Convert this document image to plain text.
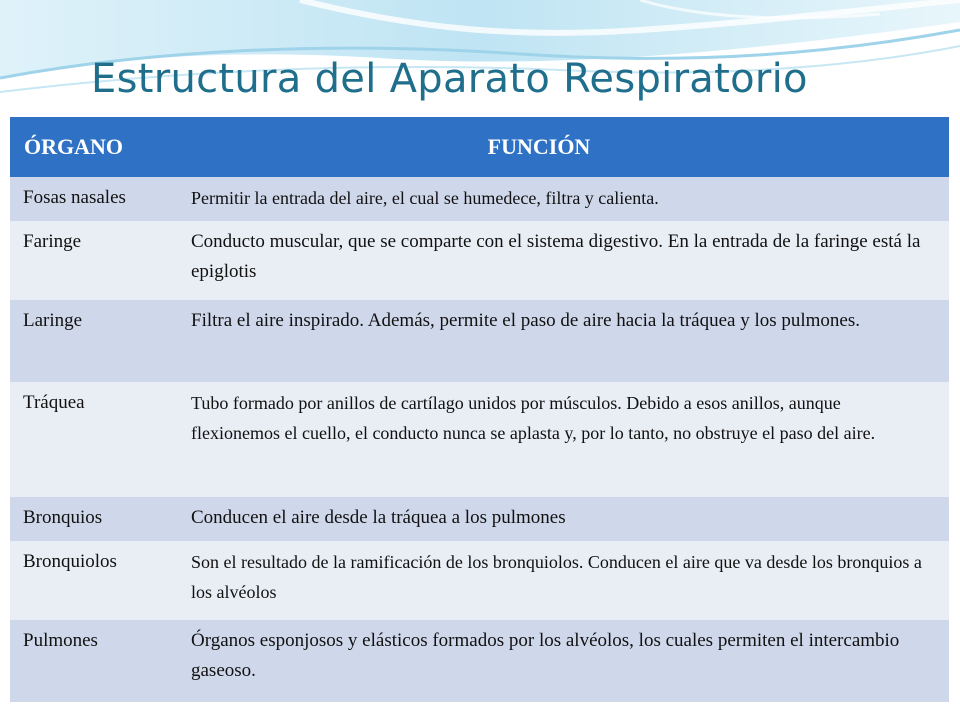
Estructura del Aparato Respiratorio
ÓRGANO	FUNCIÓN
Fosas nasales	Permitir la entrada del aire, el cual se humedece, filtra y calienta.
Faringe	Conducto muscular, que se comparte con el sistema digestivo. En la entrada de la faringe está la epiglotis
Laringe	Filtra el aire inspirado. Además, permite el paso de aire hacia la tráquea y los pulmones.
Tráquea	Tubo formado por anillos de cartílago unidos por músculos. Debido a esos anillos, aunque flexionemos el cuello, el conducto nunca se aplasta y, por lo tanto, no obstruye el paso del aire.
Bronquios	Conducen el aire desde la tráquea a los pulmones
Bronquiolos	Son el resultado de la ramificación de los bronquiolos. Conducen el aire que va desde los bronquios a los alvéolos
Pulmones	Órganos esponjosos y elásticos formados por los alvéolos, los cuales permiten el intercambio gaseoso.
